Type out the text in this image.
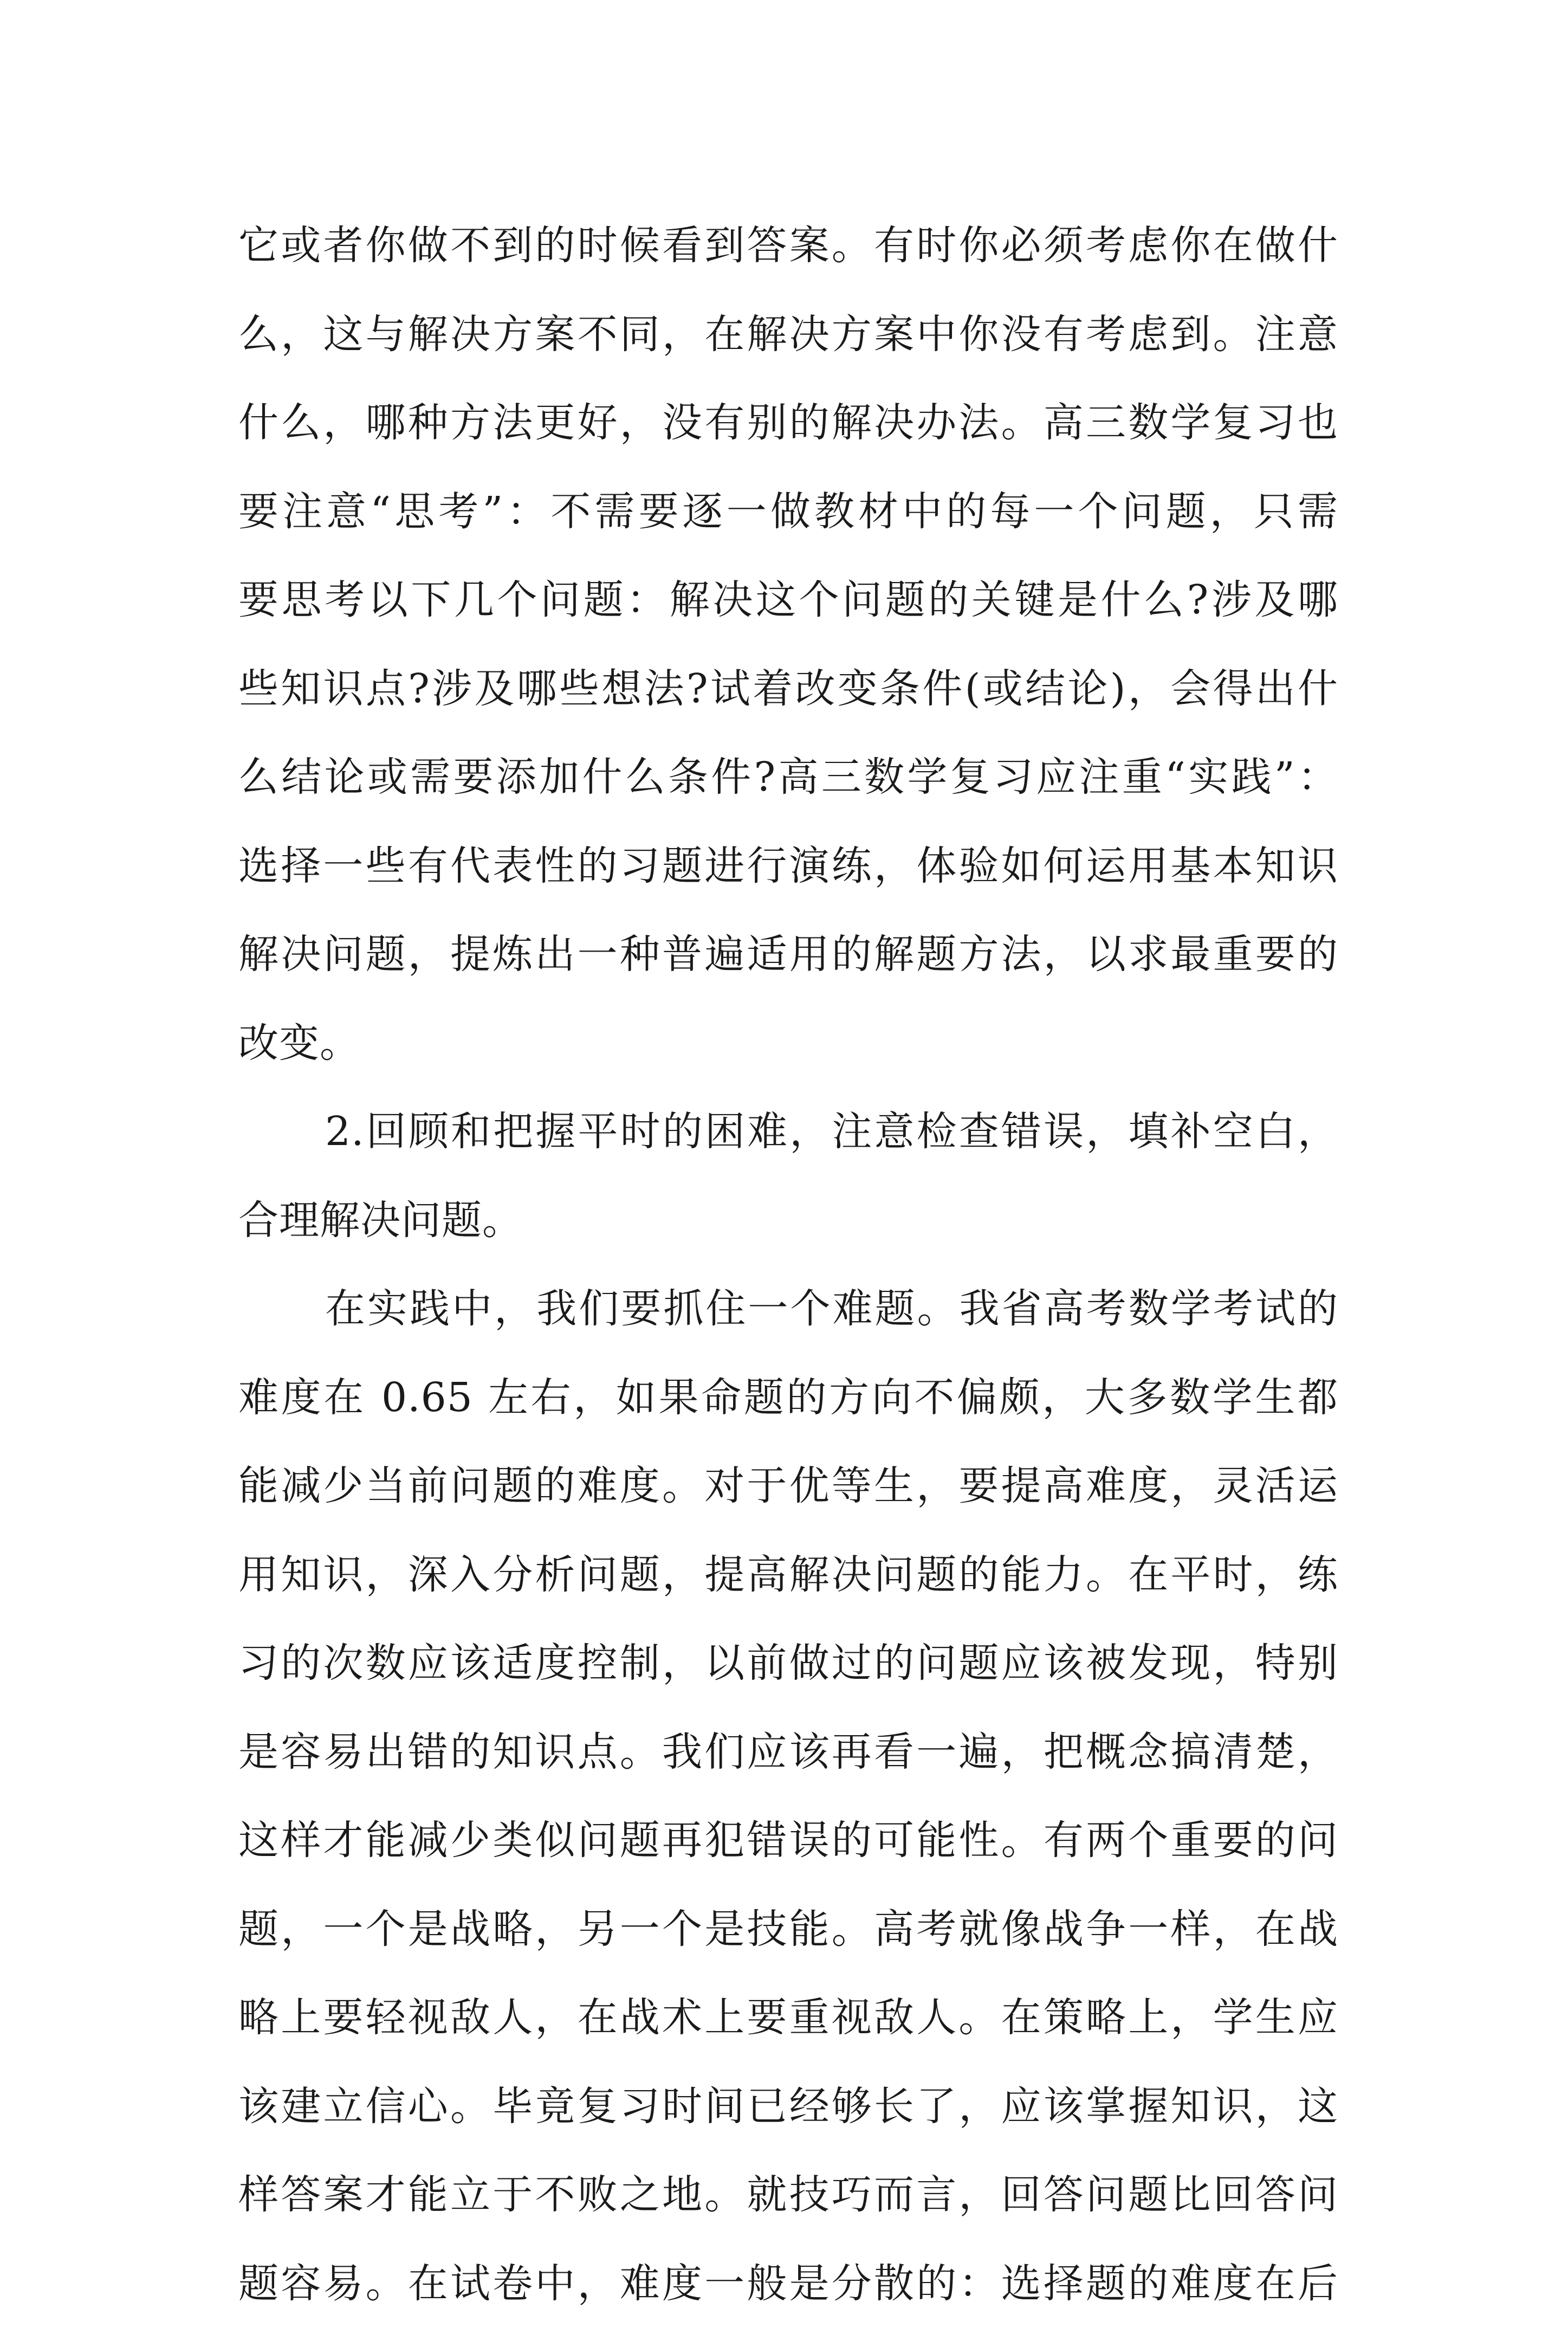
它或者你做不到的时候看到答案。有时你必须考虑你在做什
么，这与解决方案不同，在解决方案中你没有考虑到。注意
什么，哪种方法更好，没有别的解决办法。高三数学复习也
要注意“思考”：不需要逐一做教材中的每一个问题，只需
要思考以下几个问题：解决这个问题的关键是什么?涉及哪
些知识点?涉及哪些想法?试着改变条件(或结论)，会得出什
么结论或需要添加什么条件?高三数学复习应注重“实践”：
选择一些有代表性的习题进行演练，体验如何运用基本知识
解决问题，提炼出一种普遍适用的解题方法，以求最重要的
改变。
2.回顾和把握平时的困难，注意检查错误，填补空白，
合理解决问题。
在实践中，我们要抓住一个难题。我省高考数学考试的
难度在 0.65 左右，如果命题的方向不偏颇，大多数学生都
能减少当前问题的难度。对于优等生，要提高难度，灵活运
用知识，深入分析问题，提高解决问题的能力。在平时，练
习的次数应该适度控制，以前做过的问题应该被发现，特别
是容易出错的知识点。我们应该再看一遍，把概念搞清楚，
这样才能减少类似问题再犯错误的可能性。有两个重要的问
题，一个是战略，另一个是技能。高考就像战争一样，在战
略上要轻视敌人，在战术上要重视敌人。在策略上，学生应
该建立信心。毕竟复习时间已经够长了，应该掌握知识，这
样答案才能立于不败之地。就技巧而言，回答问题比回答问
题容易。在试卷中，难度一般是分散的：选择题的难度在后
